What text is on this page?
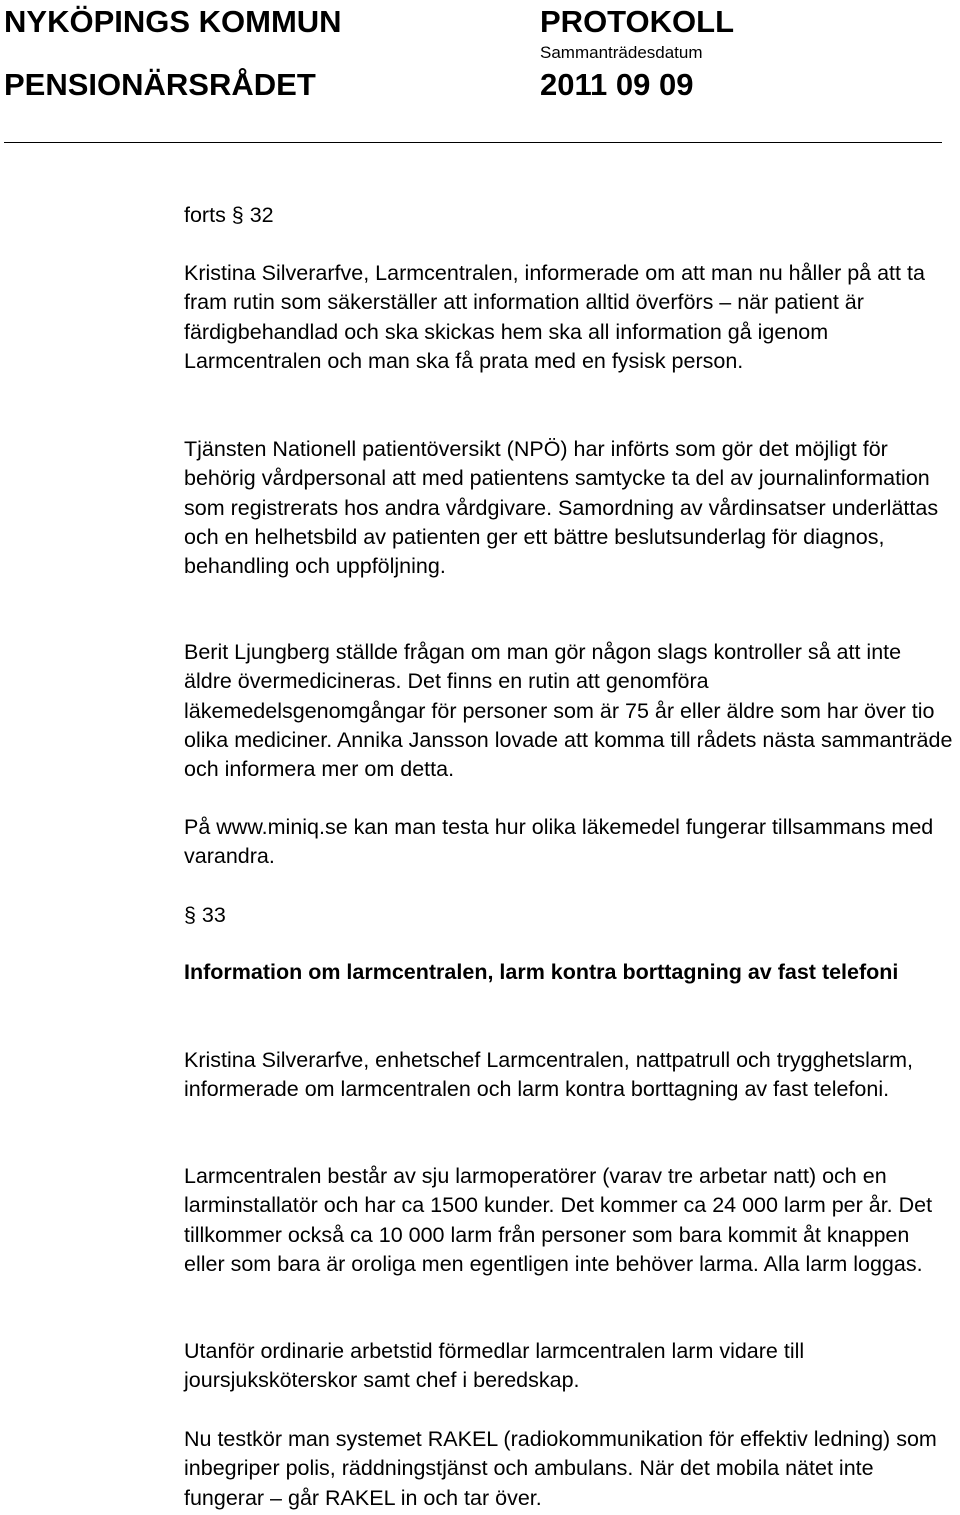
NYKÖPINGS KOMMUN
PENSIONÄRSRÅDET
PROTOKOLL
Sammanträdesdatum
2011 09 09

forts § 32

Kristina Silverarfve, Larmcentralen, informerade om att man nu håller på att ta fram rutin som säkerställer att information alltid överförs – när patient är färdigbehandlad och ska skickas hem ska all information gå igenom Larmcentralen och man ska få prata med en fysisk person.

Tjänsten Nationell patientöversikt (NPÖ) har införts som gör det möjligt för behörig vårdpersonal att med patientens samtycke ta del av journalinformation som registrerats hos andra vårdgivare. Samordning av vårdinsatser underlättas och en helhetsbild av patienten ger ett bättre beslutsunderlag för diagnos, behandling och uppföljning.

Berit Ljungberg ställde frågan om man gör någon slags kontroller så att inte äldre övermedicineras. Det finns en rutin att genomföra läkemedelsgenomgångar för personer som är 75 år eller äldre som har över tio olika mediciner. Annika Jansson lovade att komma till rådets nästa sammanträde och informera mer om detta.

På www.miniq.se kan man testa hur olika läkemedel fungerar tillsammans med varandra.

§ 33

Information om larmcentralen, larm kontra borttagning av fast telefoni

Kristina Silverarfve, enhetschef Larmcentralen, nattpatrull och trygghetslarm, informerade om larmcentralen och larm kontra borttagning av fast telefoni.

Larmcentralen består av sju larmoperatörer (varav tre arbetar natt) och en larminstallatör och har ca 1500 kunder. Det kommer ca 24 000 larm per år. Det tillkommer också ca 10 000 larm från personer som bara kommit åt knappen eller som bara är oroliga men egentligen inte behöver larma. Alla larm loggas.

Utanför ordinarie arbetstid förmedlar larmcentralen larm vidare till joursjuksköterskor samt chef i beredskap.

Nu testkör man systemet RAKEL (radiokommunikation för effektiv ledning) som inbegriper polis, räddningstjänst och ambulans. När det mobila nätet inte fungerar – går RAKEL in och tar över.
